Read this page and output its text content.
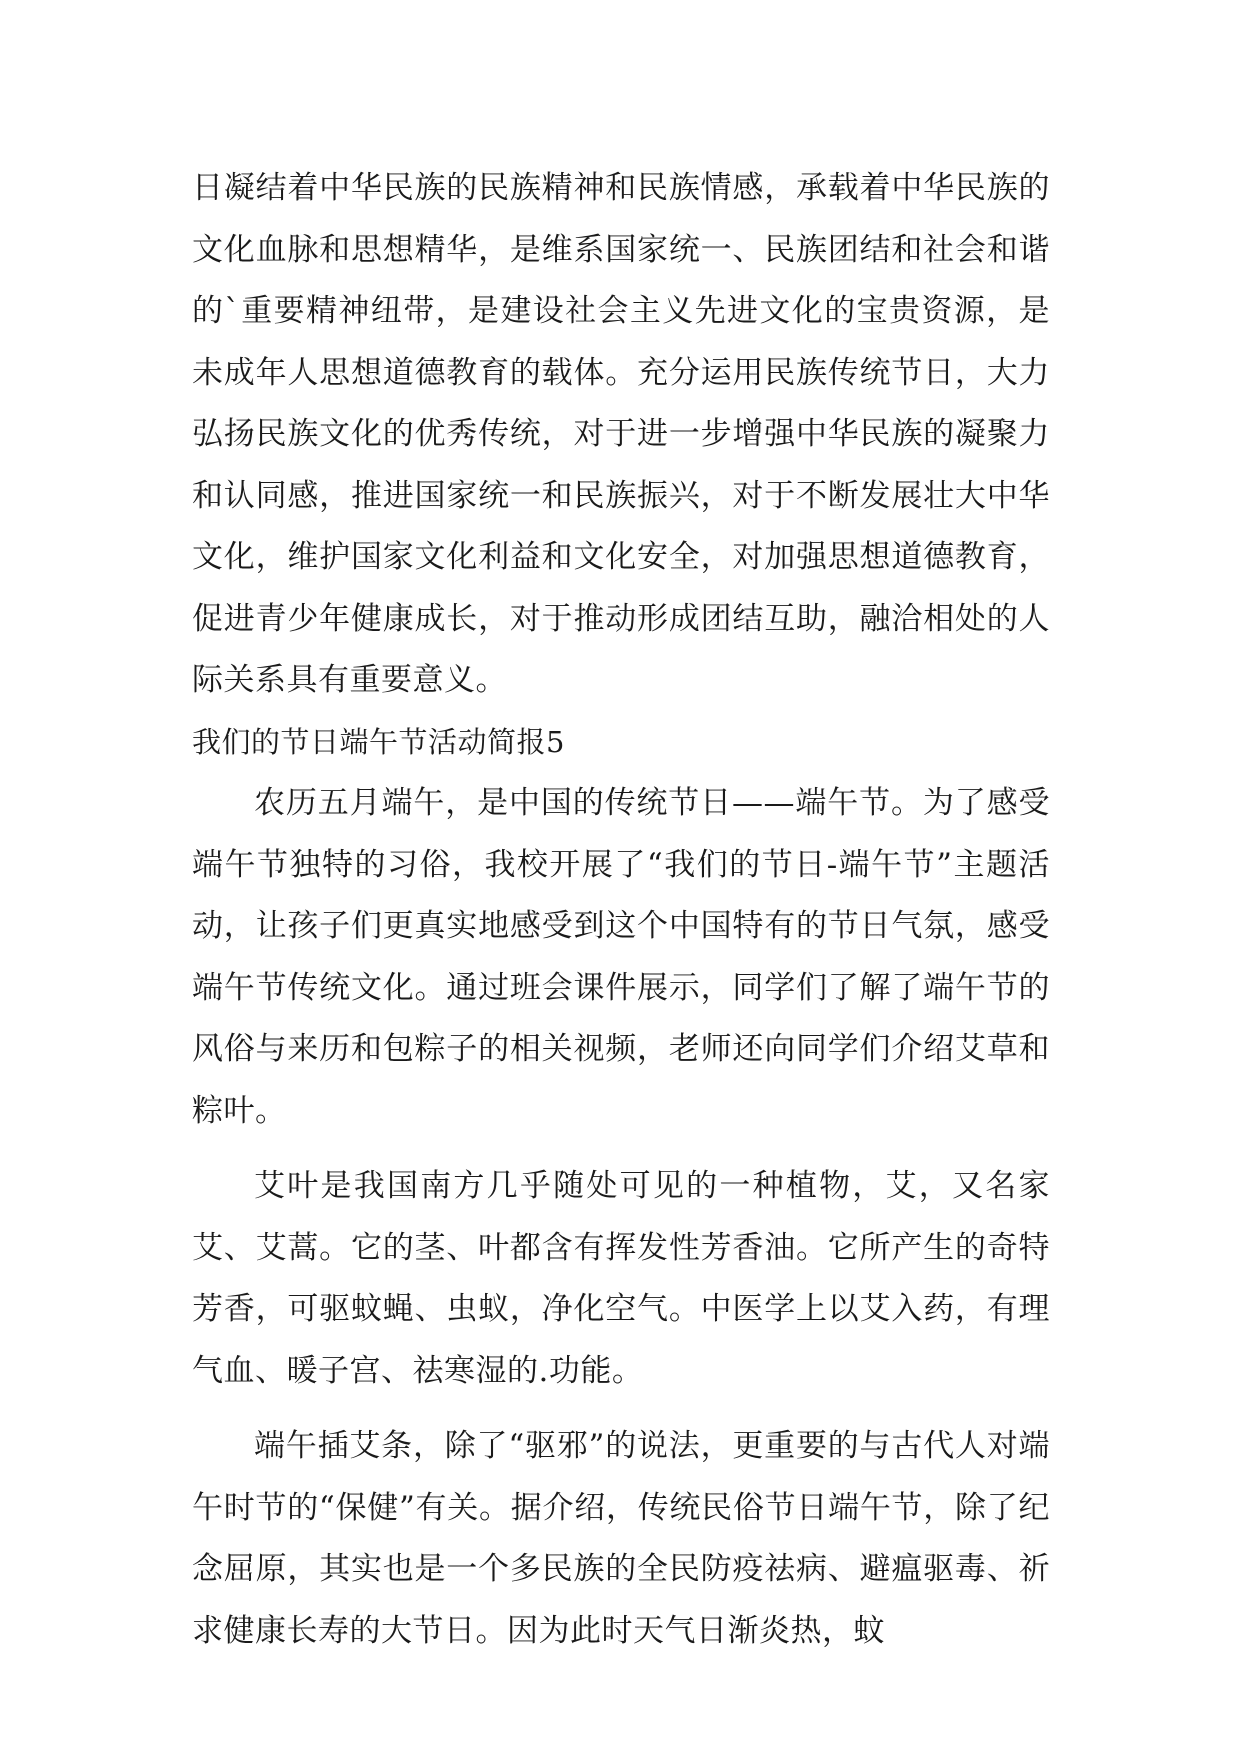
日凝结着中华民族的民族精神和民族情感，承载着中华民族的文化血脉和思想精华，是维系国家统一、民族团结和社会和谐的`重要精神纽带，是建设社会主义先进文化的宝贵资源，是未成年人思想道德教育的载体。充分运用民族传统节日，大力弘扬民族文化的优秀传统，对于进一步增强中华民族的凝聚力和认同感，推进国家统一和民族振兴，对于不断发展壮大中华文化，维护国家文化利益和文化安全，对加强思想道德教育，促进青少年健康成长，对于推动形成团结互助，融洽相处的人际关系具有重要意义。

我们的节日端午节活动简报5

农历五月端午，是中国的传统节日——端午节。为了感受端午节独特的习俗，我校开展了“我们的节日-端午节”主题活动，让孩子们更真实地感受到这个中国特有的节日气氛，感受端午节传统文化。通过班会课件展示，同学们了解了端午节的风俗与来历和包粽子的相关视频，老师还向同学们介绍艾草和粽叶。

艾叶是我国南方几乎随处可见的一种植物，艾，又名家艾、艾蒿。它的茎、叶都含有挥发性芳香油。它所产生的奇特芳香，可驱蚊蝇、虫蚁，净化空气。中医学上以艾入药，有理气血、暖子宫、祛寒湿的.功能。

端午插艾条，除了“驱邪”的说法，更重要的与古代人对端午时节的“保健”有关。据介绍，传统民俗节日端午节，除了纪念屈原，其实也是一个多民族的全民防疫祛病、避瘟驱毒、祈求健康长寿的大节日。因为此时天气日渐炎热，蚊
